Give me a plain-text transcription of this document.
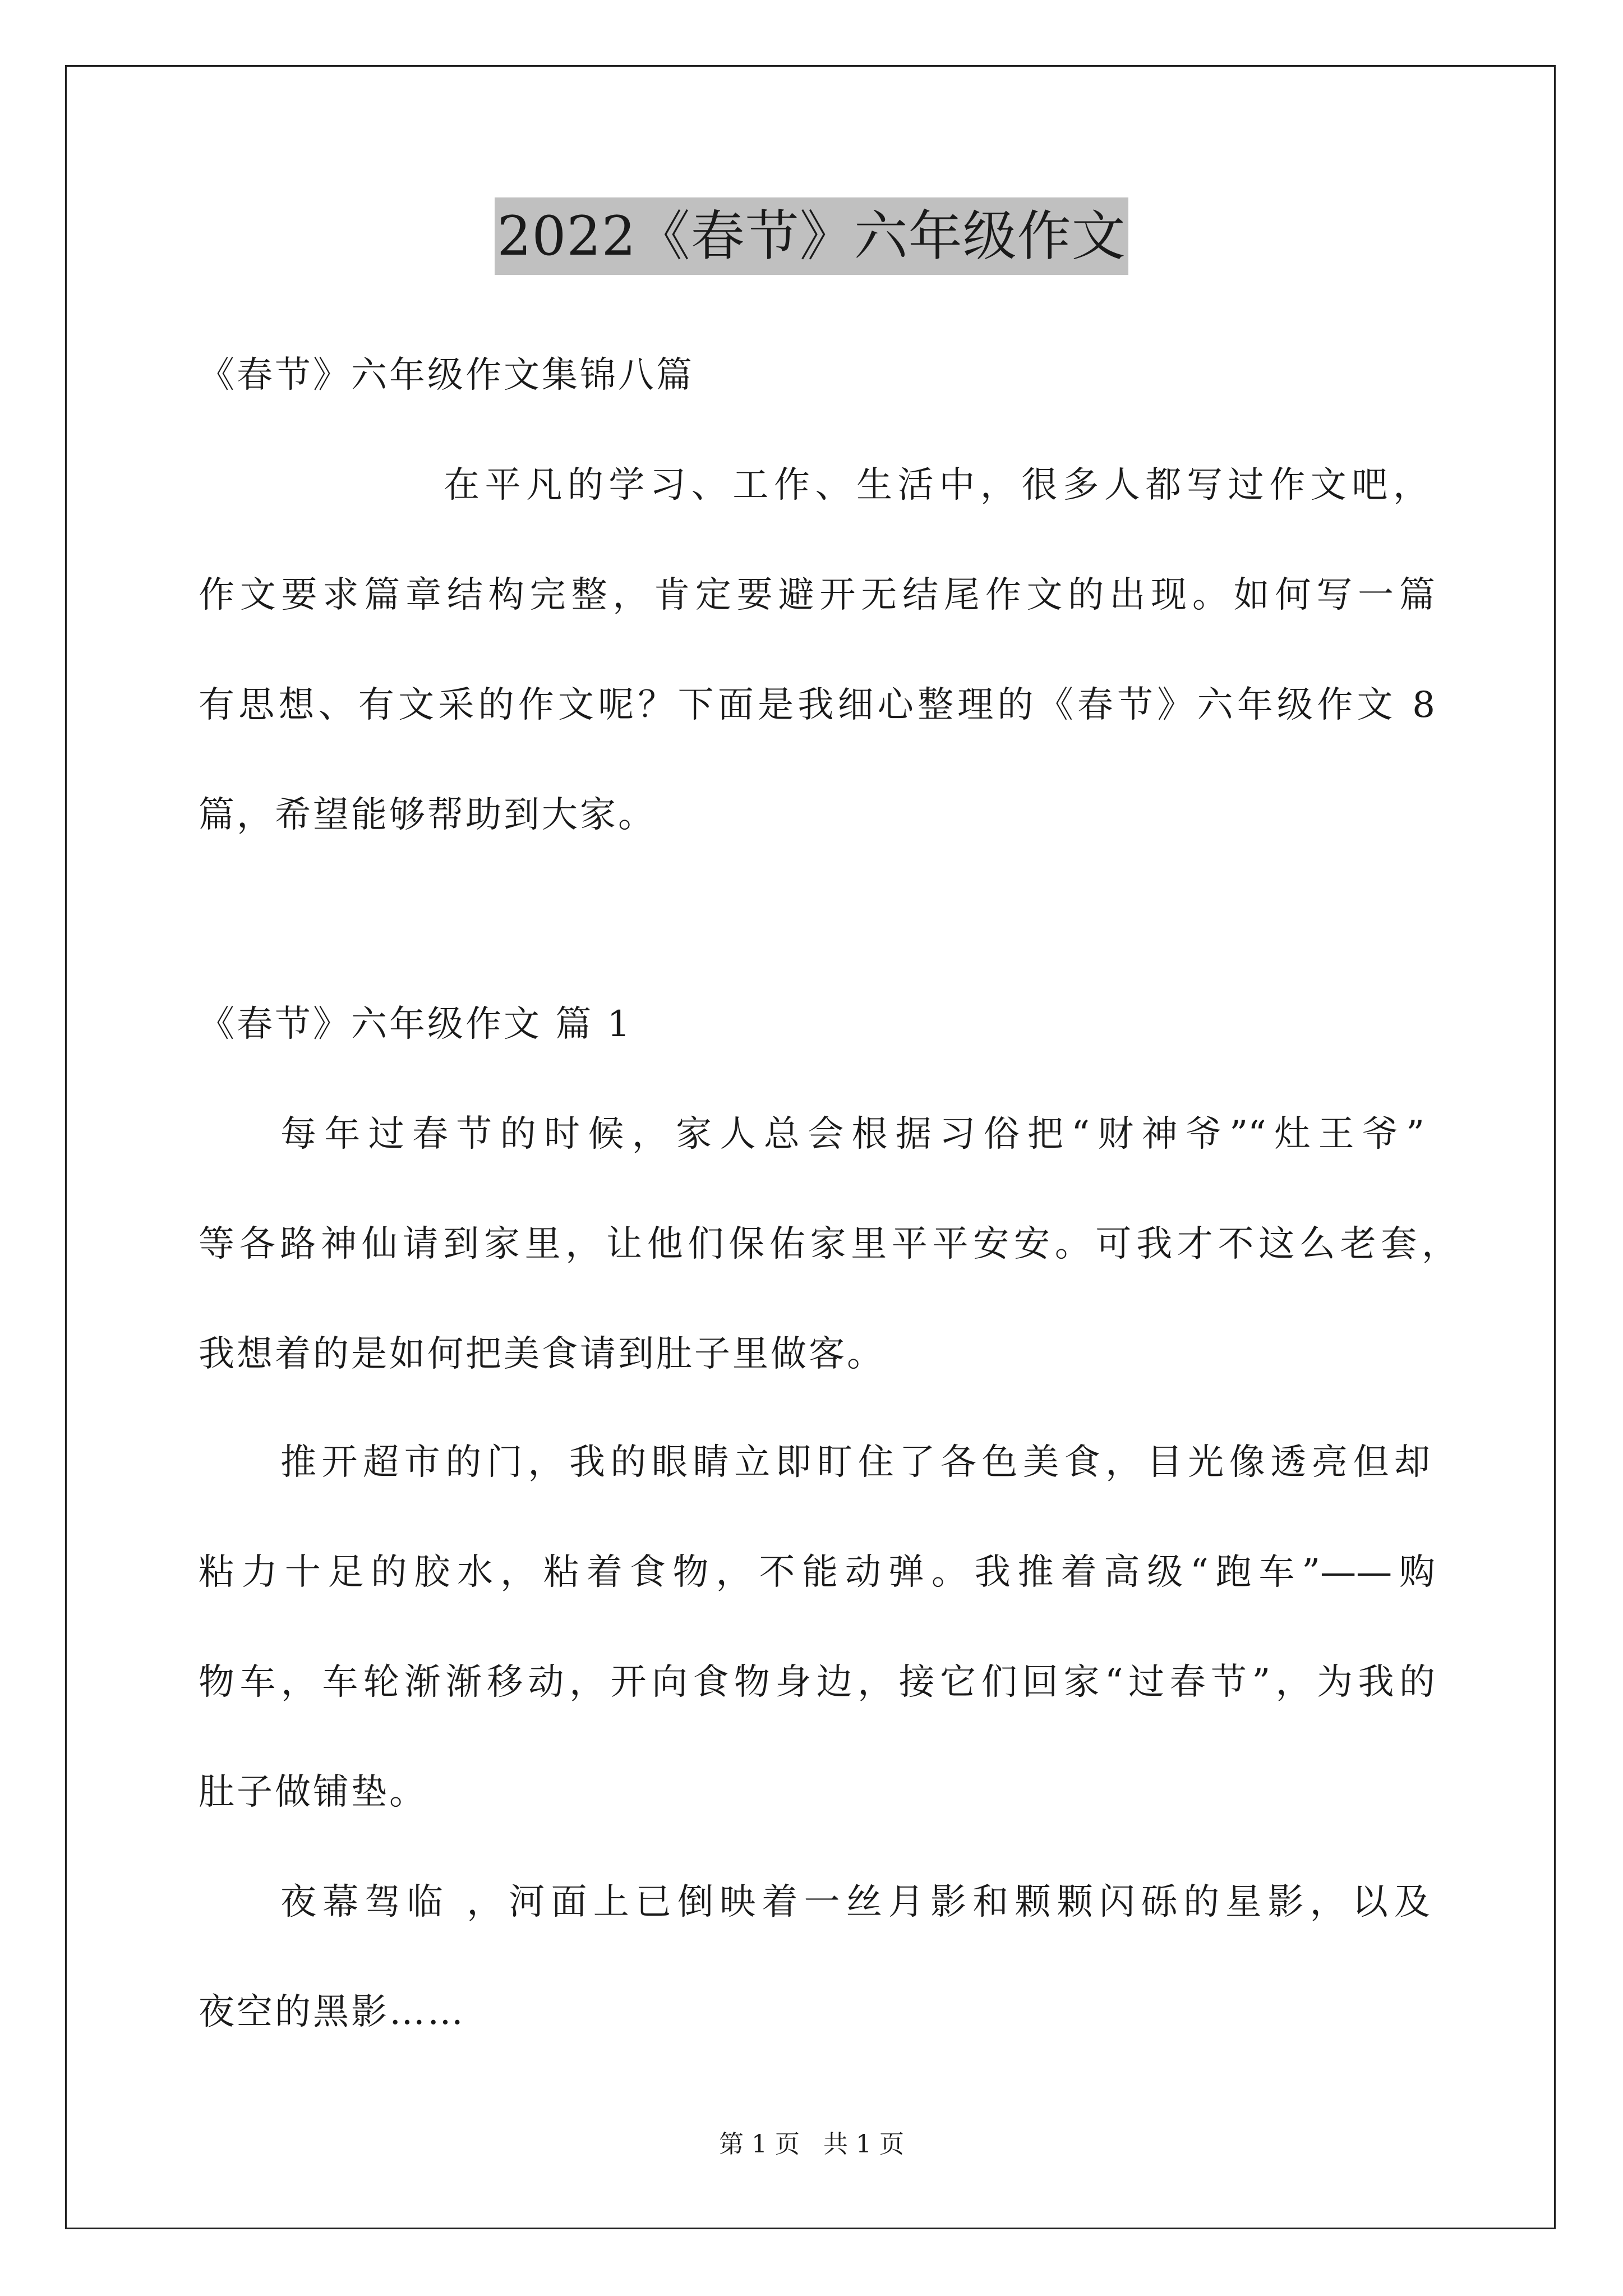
2022《春节》六年级作文
《春节》六年级作文集锦八篇
在平凡的学习、工作、生活中，很多人都写过作文吧，
作文要求篇章结构完整，肯定要避开无结尾作文的出现。如何写一篇
有思想、有文采的作文呢？下面是我细心整理的《春节》六年级作文 8
篇，希望能够帮助到大家。
《春节》六年级作文 篇 1
每年过春节的时候，家人总会根据习俗把“财神爷”“灶王爷”
等各路神仙请到家里，让他们保佑家里平平安安。可我才不这么老套，
我想着的是如何把美食请到肚子里做客。
推开超市的门，我的眼睛立即盯住了各色美食，目光像透亮但却
粘力十足的胶水，粘着食物，不能动弹。我推着高级“跑车”——购
物车，车轮渐渐移动，开向食物身边，接它们回家“过春节”，为我的
肚子做铺垫。
夜幕驾临 ，河面上已倒映着一丝月影和颗颗闪砾的星影，以及
夜空的黑影……
第 1 页   共 1 页
